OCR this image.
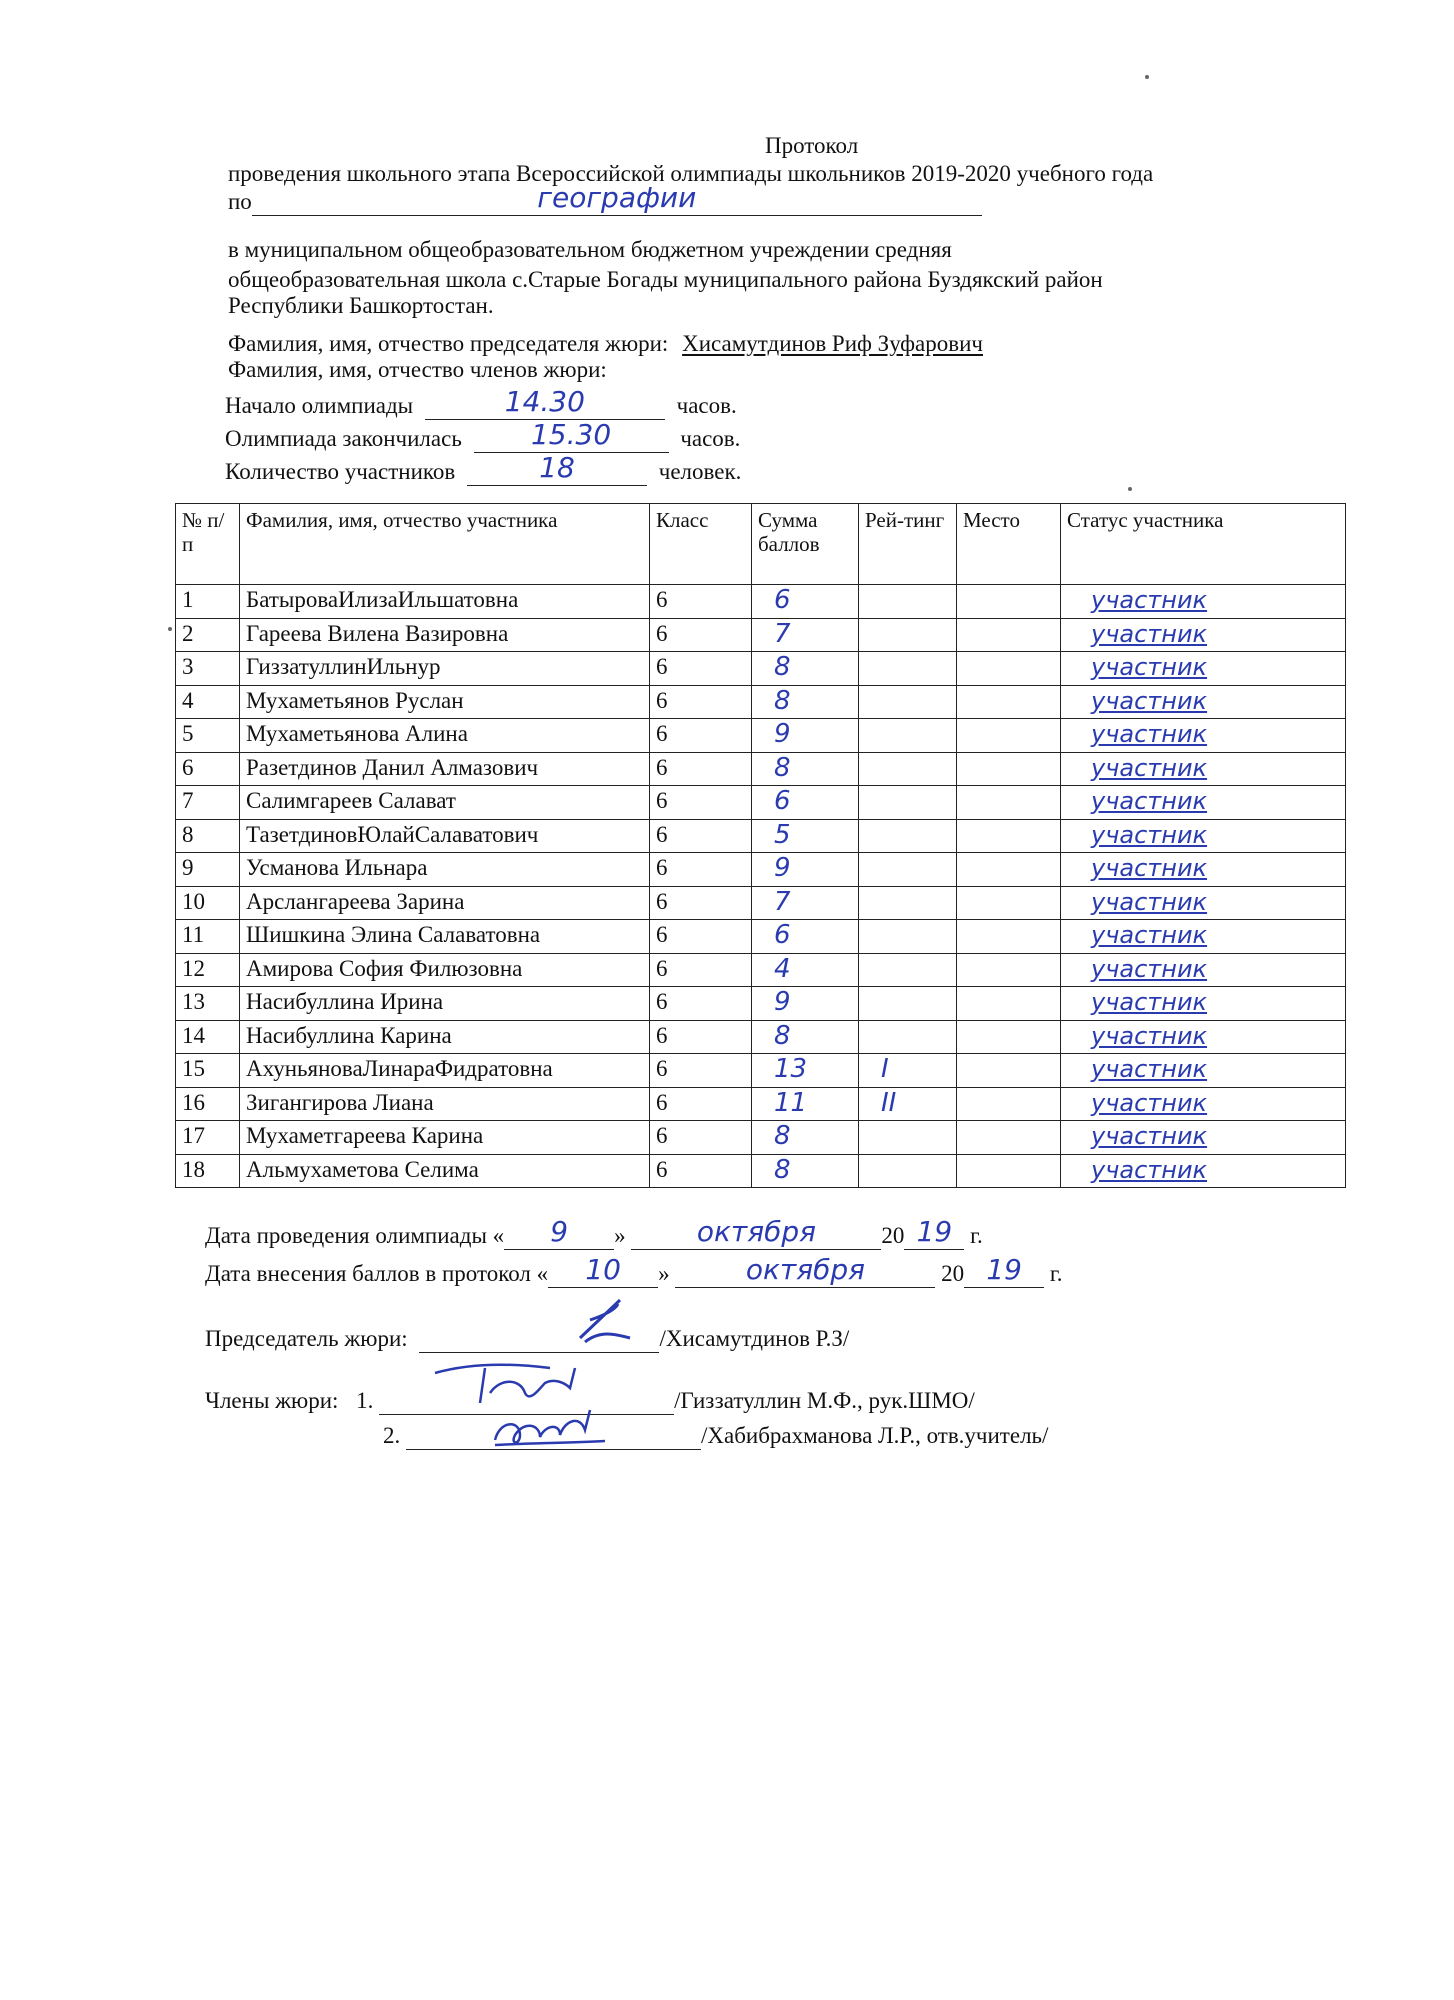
Протокол
проведения школьного этапа Всероссийской олимпиады школьников 2019-2020 учебного года
по	географии
в муниципальном общеобразовательном бюджетном учреждении средняя
общеобразовательная школа с.Старые Богады муниципального района Буздякский район
Республики Башкортостан.
Фамилия, имя, отчество председателя жюри: Хисамутдинов Риф Зуфарович
Фамилия, имя, отчество членов жюри:
Начало олимпиады	14.30	часов.
Олимпиада закончилась	15.30	часов.
Количество участников	18	человек.
№ п/п	Фамилия, имя, отчество участника	Класс	Сумма баллов	Рей-тинг	Место	Статус участника
1	БатыроваИлизаИльшатовна	6	6			участник
2	Гареева Вилена Вазировна	6	7			участник
3	ГиззатуллинИльнур	6	8			участник
4	Мухаметьянов Руслан	6	8			участник
5	Мухаметьянова Алина	6	9			участник
6	Разетдинов Данил Алмазович	6	8			участник
7	Салимгареев Салават	6	6			участник
8	ТазетдиновЮлайСалаватович	6	5			участник
9	Усманова Ильнара	6	9			участник
10	Арслангареева Зарина	6	7			участник
11	Шишкина Элина Салаватовна	6	6			участник
12	Амирова София Филюзовна	6	4			участник
13	Насибуллина Ирина	6	9			участник
14	Насибуллина Карина	6	8			участник
15	АхуньяноваЛинараФидратовна	6	13	I		участник
16	Зигангирова Лиана	6	11	II		участник
17	Мухаметгареева Карина	6	8			участник
18	Альмухаметова Селима	6	8			участник
Дата проведения олимпиады «	9	»	октября	20 19 г.
Дата внесения баллов в протокол «	10	»	октября	20 19	г.
Председатель жюри:	/Хисамутдинов Р.З/
Члены жюри: 1.	/Гиззатуллин М.Ф., рук.ШМО/
2.	/Хабибрахманова Л.Р., отв.учитель/
